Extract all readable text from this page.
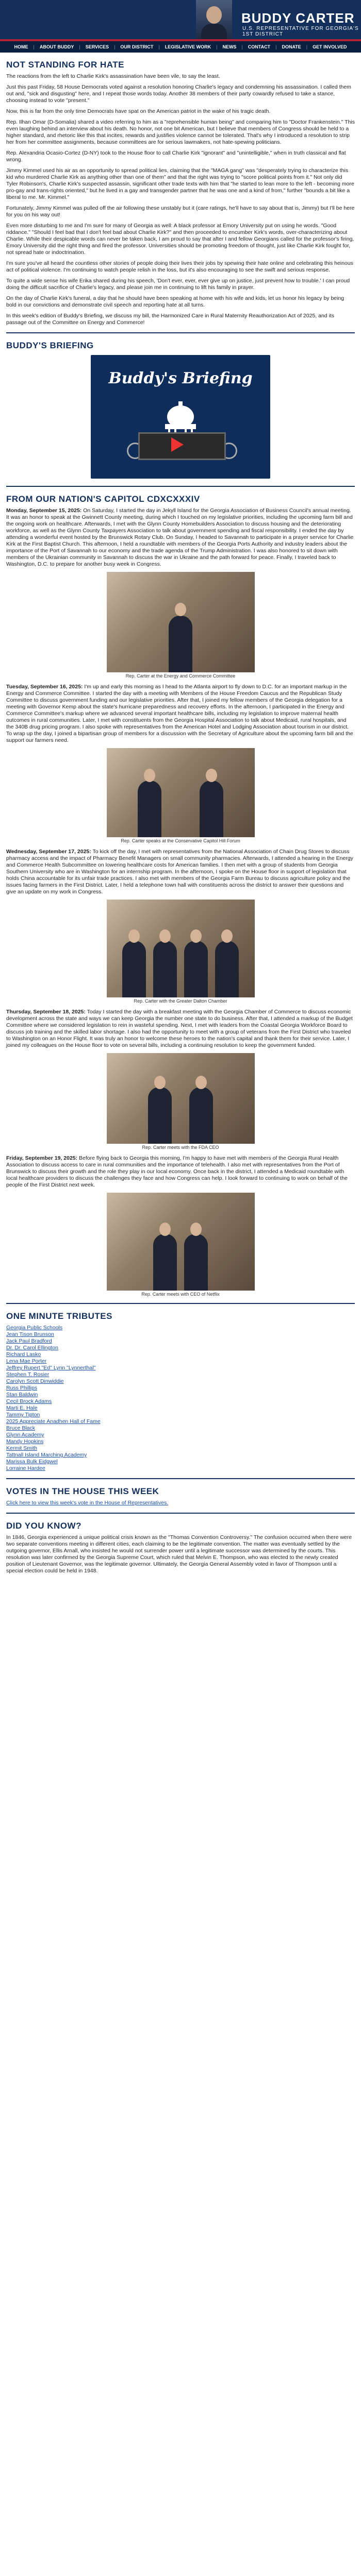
BUDDY CARTER
U.S. REPRESENTATIVE FOR GEORGIA'S 1ST DISTRICT
HOME | ABOUT BUDDY | SERVICES | OUR DISTRICT | LEGISLATIVE WORK | NEWS | CONTACT | DONATE | GET INVOLVED
NOT STANDING FOR HATE

The reactions from the left to Charlie Kirk's assassination have been vile, to say the least.

Just this past Friday, 58 House Democrats voted against a resolution honoring Charlie's legacy and condemning his assassination. I called them out and, "sick and disgusting" here, and I repeat those words today. Another 38 members of their party cowardly refused to take a stance, choosing instead to vote "present."

Now, this is far from the only time Democrats have spat on the American patriot in the wake of his tragic death.

Rep. Ilhan Omar (D-Somalia) shared a video referring to him as a "reprehensible human being" and comparing him to "Doctor Frankenstein." This even laughing behind an interview about his death. No honor, not one bit American, but I believe that members of Congress should be held to a higher standard, and rhetoric like this that incites, rewards and justifies violence cannot be tolerated. That's why I introduced a resolution to strip her from her committee assignments, because committees are for serious lawmakers, not hate-spewing politicians.

Rep. Alexandria Ocasio-Cortez (D-NY) took to the House floor to call Charlie Kirk "ignorant" and "unintelligible," when in truth classical and flat wrong.

Jimmy Kimmel used his air as an opportunity to spread political lies, claiming that the "MAGA gang" was "desperately trying to characterize this kid who murdered Charlie Kirk as anything other than one of them" and that the right was trying to "score political points from it." Not only did Tyler Robinson's, Charlie Kirk's suspected assassin, significant other trade texts with him that "he started to lean more to the left - becoming more pro-gay and trans-rights oriented," but he lived in a gay and transgender partner that he was one and a kind of from," further "bounds a bit like a liberal to me. Mr. Kimmel."

Fortunately, Jimmy Kimmel was pulled off the air following these unstably but it (care ratings, he'll have to say about that is, Jimmy) but I'll be here for you on his way out!

Even more disturbing to me and I'm sure for many of Georgia as well: A black professor at Emory University put on using he words. "Good riddance." "Should I feel bad that I don't feel bad about Charlie Kirk?" and then proceeded to encumber Kirk's words, over-characterizing about Charlie. While their despicable words can never be taken back, I am proud to say that after I and fellow Georgians called for the professor's firing, Emory University did the right thing and fired the professor. Universities should be promoting freedom of thought, just like Charlie Kirk fought for, not spread hate or indoctrination.

I'm sure you've all heard the countless other stories of people doing their lives their jobs by spewing their hate online and celebrating this heinous act of political violence. I'm continuing to watch people relish in the loss, but it's also encouraging to see the swift and serious response.

To quite a wide sense his wife Erika shared during his speech, 'Don't ever, ever, ever give up on justice, just prevent how to trouble.' I can proud doing the difficult sacrifice of Charlie's legacy, and please join me in continuing to lift his family in prayer.

On the day of Charlie Kirk's funeral, a day that he should have been speaking at home with his wife and kids, let us honor his legacy by being bold in our convictions and demonstrate civil speech and reporting hate at all turns.

In this week's edition of Buddy's Briefing, we discuss my bill, the Harmonized Care in Rural Maternity Reauthorization Act of 2025, and its passage out of the Committee on Energy and Commerce!

BUDDY'S BRIEFING
Buddy's Briefing
FROM OUR NATION'S CAPITOL CDXCXXXIV

Monday, September 15, 2025: On Saturday, I started the day in Jekyll Island for the Georgia Association of Business Council's annual meeting. It was an honor to speak at the Gwinnett County meeting, during which I touched on my legislative priorities, including the upcoming farm bill and the ongoing work on healthcare. Afterwards, I met with the Glynn County Homebuilders Association to discuss housing and the deteriorating workforce, as well as the Glynn County Taxpayers Association to talk about government spending and fiscal responsibility. I ended the day by attending a wonderful event hosted by the Brunswick Rotary Club. On Sunday, I headed to Savannah to participate in a prayer service for Charlie Kirk at the First Baptist Church. This afternoon, I held a roundtable with members of the Georgia Ports Authority and industry leaders about the importance of the Port of Savannah to our economy and the trade agenda of the Trump Administration. I was also honored to sit down with members of the Ukrainian community in Savannah to discuss the war in Ukraine and the path forward for peace. Finally, I traveled back to Washington, D.C. to prepare for another busy week in Congress.

Rep. Carter at the Energy and Commerce Committee

Tuesday, September 16, 2025: I'm up and early this morning as I head to the Atlanta airport to fly down to D.C. for an important markup in the Energy and Commerce Committee. I started the day with a meeting with Members of the House Freedom Caucus and the Republican Study Committee to discuss government funding and our legislative priorities. After that, I joined my fellow members of the Georgia delegation for a meeting with Governor Kemp about the state's hurricane preparedness and recovery efforts. In the afternoon, I participated in the Energy and Commerce Committee's markup where we advanced several important healthcare bills, including my legislation to improve maternal health outcomes in rural communities. Later, I met with constituents from the Georgia Hospital Association to talk about Medicaid, rural hospitals, and the 340B drug pricing program. I also spoke with representatives from the American Hotel and Lodging Association about tourism in our district. To wrap up the day, I joined a bipartisan group of members for a discussion with the Secretary of Agriculture about the upcoming farm bill and the support our farmers need.

Rep. Carter speaks at the Conservative Capitol Hill Forum

Wednesday, September 17, 2025: To kick off the day, I met with representatives from the National Association of Chain Drug Stores to discuss pharmacy access and the impact of Pharmacy Benefit Managers on small community pharmacies. Afterwards, I attended a hearing in the Energy and Commerce Health Subcommittee on lowering healthcare costs for American families. I then met with a group of students from Georgia Southern University who are in Washington for an internship program. In the afternoon, I spoke on the House floor in support of legislation that holds China accountable for its unfair trade practices. I also met with members of the Georgia Farm Bureau to discuss agriculture policy and the issues facing farmers in the First District. Later, I held a telephone town hall with constituents across the district to answer their questions and give an update on my work in Congress.

Rep. Carter with the Greater Dalton Chamber

Thursday, September 18, 2025: Today I started the day with a breakfast meeting with the Georgia Chamber of Commerce to discuss economic development across the state and ways we can keep Georgia the number one state to do business. After that, I attended a markup of the Budget Committee where we considered legislation to rein in wasteful spending. Next, I met with leaders from the Coastal Georgia Workforce Board to discuss job training and the skilled labor shortage. I also had the opportunity to meet with a group of veterans from the First District who traveled to Washington on an Honor Flight. It was truly an honor to welcome these heroes to the nation's capital and thank them for their service. Later, I joined my colleagues on the House floor to vote on several bills, including a continuing resolution to keep the government funded.

Rep. Carter meets with the FDA CEO

Friday, September 19, 2025: Before flying back to Georgia this morning, I'm happy to have met with members of the Georgia Rural Health Association to discuss access to care in rural communities and the importance of telehealth. I also met with representatives from the Port of Brunswick to discuss their growth and the role they play in our local economy. Once back in the district, I attended a Medicaid roundtable with local healthcare providers to discuss the challenges they face and how Congress can help. I look forward to continuing to work on behalf of the people of the First District next week.

Rep. Carter meets with CEO of Netflix
ONE MINUTE TRIBUTES
Georgia Public Schools
Jean Tison Brunson
Jack Paul Bradford
Dr. Dr. Carol Ellington
Richard Lasko
Lena Mae Porter
Jeffrey Rupert "Ed" Lynn "Lynnerthal"
Stephen T. Rosier
Carolyn Scott Dinwiddie
Russ Phillips
Stan Baldwin
Cecil Brock Adams
Marti E. Hale
Tammy Tipton
2025 Appreciate Anadhen Hall of Fame
Bruce Black
Glynn Academy
Mandy Hopkins
Kermit Smith
Tattnall Island Marching Academy
Marissa Bulk Eidgwel
Lorraine Hardee
VOTES IN THE HOUSE THIS WEEK

Click here to view this week's vote in the House of Representatives.

DID YOU KNOW?

In 1846, Georgia experienced a unique political crisis known as the "Thomas Convention Controversy." The confusion occurred when there were two separate conventions meeting in different cities, each claiming to be the legitimate convention. The matter was eventually settled by the outgoing governor, Ellis Arnall, who insisted he would not surrender power until a legitimate successor was determined by the courts. This resolution was later confirmed by the Georgia Supreme Court, which ruled that Melvin E. Thompson, who was elected to the newly created position of Lieutenant Governor, was the legitimate governor. Ultimately, the Georgia General Assembly voted in favor of Thompson until a special election could be held in 1948.
